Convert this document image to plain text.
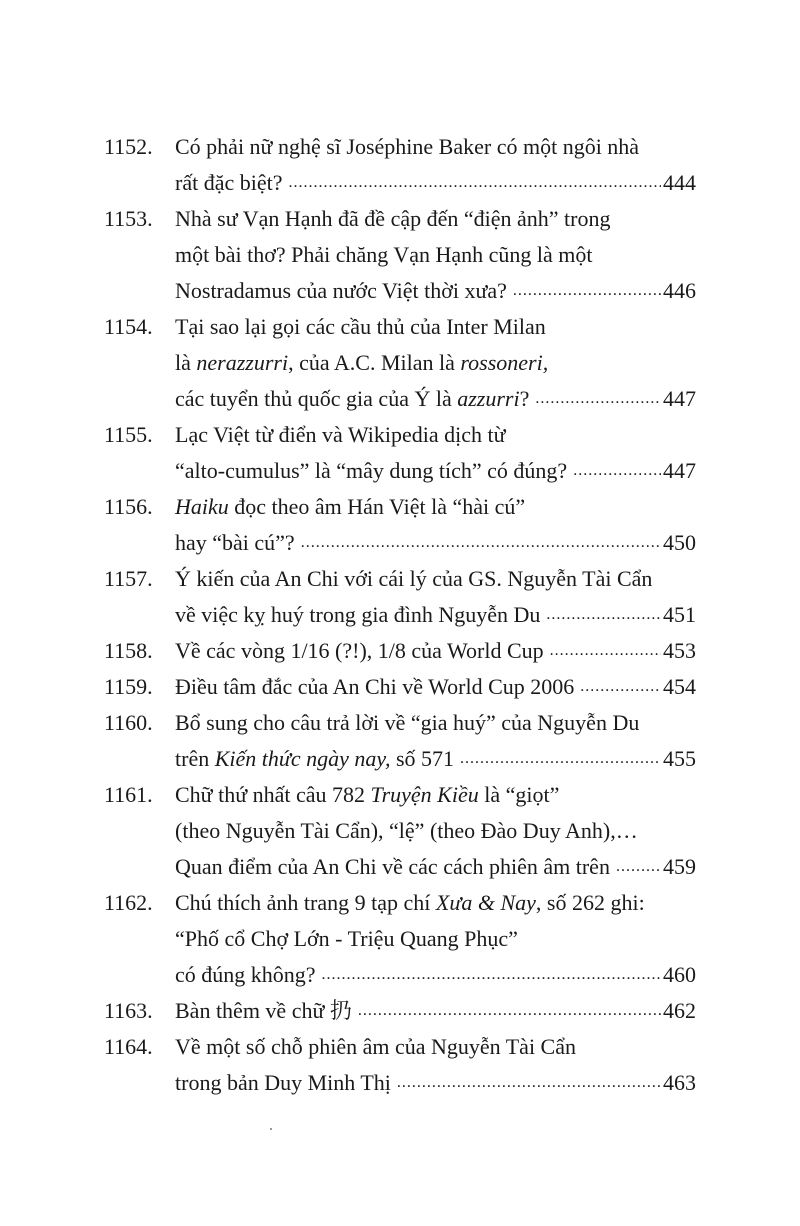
1152.	Có phải nữ nghệ sĩ Joséphine Baker có một ngôi nhà
rất đặc biệt? .....	444
1153.	Nhà sư Vạn Hạnh đã đề cập đến “điện ảnh” trong
một bài thơ? Phải chăng Vạn Hạnh cũng là một
Nostradamus của nước Việt thời xưa? .....	446
1154.	Tại sao lại gọi các cầu thủ của Inter Milan
là nerazzurri, của A.C. Milan là rossoneri,
các tuyển thủ quốc gia của Ý là azzurri? .....	447
1155.	Lạc Việt từ điển và Wikipedia dịch từ
“alto-cumulus” là “mây dung tích” có đúng? .....	447
1156.	Haiku đọc theo âm Hán Việt là “hài cú”
hay “bài cú”? .....	450
1157.	Ý kiến của An Chi với cái lý của GS. Nguyễn Tài Cẩn
về việc kỵ huý trong gia đình Nguyễn Du .....	451
1158.	Về các vòng 1/16 (?!), 1/8 của World Cup .....	453
1159.	Điều tâm đắc của An Chi về World Cup 2006 .....	454
1160.	Bổ sung cho câu trả lời về “gia huý” của Nguyễn Du
trên Kiến thức ngày nay, số 571 .....	455
1161.	Chữ thứ nhất câu 782 Truyện Kiều là “giọt”
(theo Nguyễn Tài Cẩn), “lệ” (theo Đào Duy Anh),…
Quan điểm của An Chi về các cách phiên âm trên ..... 459
1162.	Chú thích ảnh trang 9 tạp chí Xưa & Nay, số 262 ghi:
“Phố cổ Chợ Lớn - Triệu Quang Phục”
có đúng không? .....	460
1163.	Bàn thêm về chữ 扔 .....	462
1164.	Về một số chỗ phiên âm của Nguyễn Tài Cẩn
trong bản Duy Minh Thị .....	463
